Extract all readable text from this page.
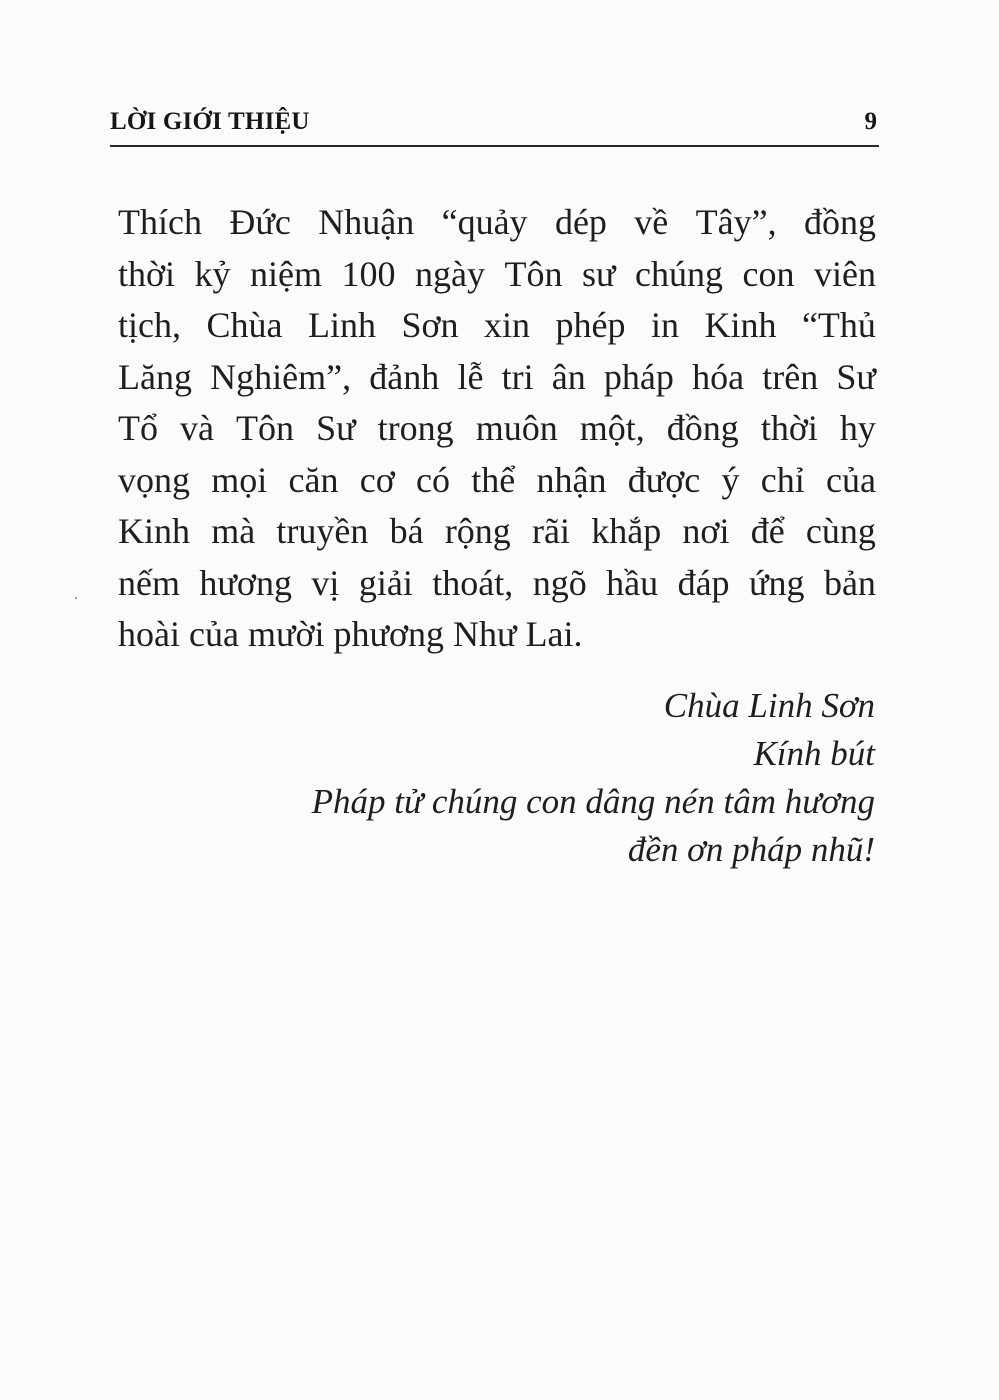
LỜI GIỚI THIỆU	9
Thích Đức Nhuận “quảy dép về Tây”, đồng
thời kỷ niệm 100 ngày Tôn sư chúng con viên
tịch, Chùa Linh Sơn xin phép in Kinh “Thủ
Lăng Nghiêm”, đảnh lễ tri ân pháp hóa trên Sư
Tổ và Tôn Sư trong muôn một, đồng thời hy
vọng mọi căn cơ có thể nhận được ý chỉ của
Kinh mà truyền bá rộng rãi khắp nơi để cùng
nếm hương vị giải thoát, ngõ hầu đáp ứng bản
hoài của mười phương Như Lai.
Chùa Linh Sơn
Kính bút
Pháp tử chúng con dâng nén tâm hương
đền ơn pháp nhũ!
